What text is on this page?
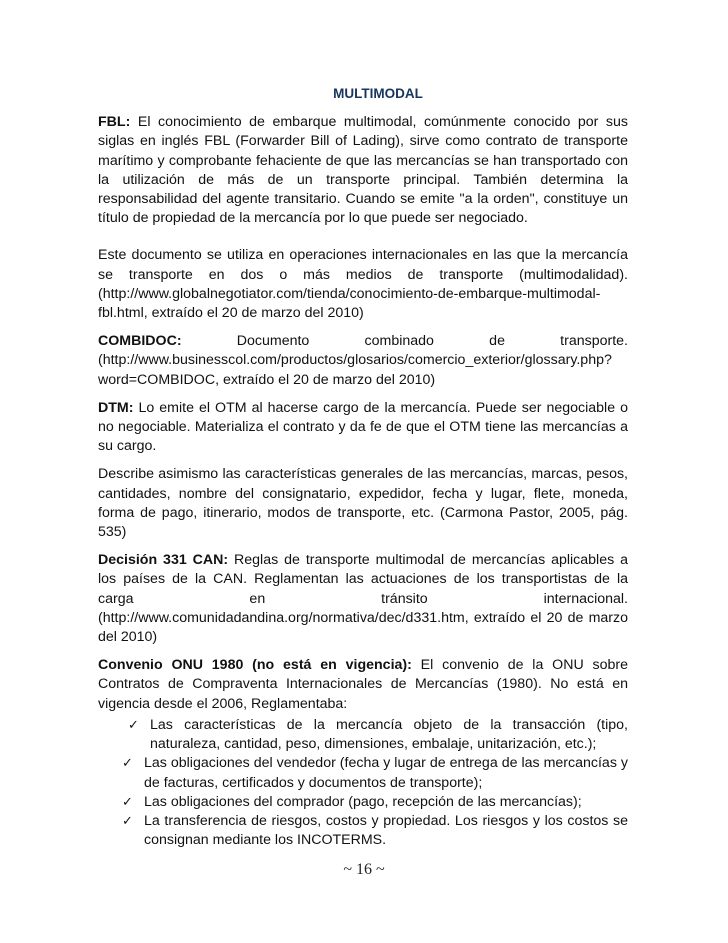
MULTIMODAL

FBL: El conocimiento de embarque multimodal, comúnmente conocido por sus siglas en inglés FBL (Forwarder Bill of Lading), sirve como contrato de transporte marítimo y comprobante fehaciente de que las mercancías se han transportado con la utilización de más de un transporte principal. También determina la responsabilidad del agente transitario. Cuando se emite "a la orden", constituye un título de propiedad de la mercancía por lo que puede ser negociado.

Este documento se utiliza en operaciones internacionales en las que la mercancía se transporte en dos o más medios de transporte (multimodalidad). (http://www.globalnegotiator.com/tienda/conocimiento-de-embarque-multimodal-fbl.html, extraído el 20 de marzo del 2010)

COMBIDOC: Documento combinado de transporte. (http://www.businesscol.com/productos/glosarios/comercio_exterior/glossary.php?word=COMBIDOC, extraído el 20 de marzo del 2010)

DTM: Lo emite el OTM al hacerse cargo de la mercancía. Puede ser negociable o no negociable. Materializa el contrato y da fe de que el OTM tiene las mercancías a su cargo.

Describe asimismo las características generales de las mercancías, marcas, pesos, cantidades, nombre del consignatario, expedidor, fecha y lugar, flete, moneda, forma de pago, itinerario, modos de transporte, etc. (Carmona Pastor, 2005, pág. 535)

Decisión 331 CAN: Reglas de transporte multimodal de mercancías aplicables a los países de la CAN. Reglamentan las actuaciones de los transportistas de la carga en tránsito internacional. (http://www.comunidadandina.org/normativa/dec/d331.htm, extraído el 20 de marzo del 2010)

Convenio ONU 1980 (no está en vigencia): El convenio de la ONU sobre Contratos de Compraventa Internacionales de Mercancías (1980). No está en vigencia desde el 2006, Reglamentaba:

✓ Las características de la mercancía objeto de la transacción (tipo, naturaleza, cantidad, peso, dimensiones, embalaje, unitarización, etc.);
✓ Las obligaciones del vendedor (fecha y lugar de entrega de las mercancías y de facturas, certificados y documentos de transporte);
✓ Las obligaciones del comprador (pago, recepción de las mercancías);
✓ La transferencia de riesgos, costos y propiedad. Los riesgos y los costos se consignan mediante los INCOTERMS.
~ 16 ~
